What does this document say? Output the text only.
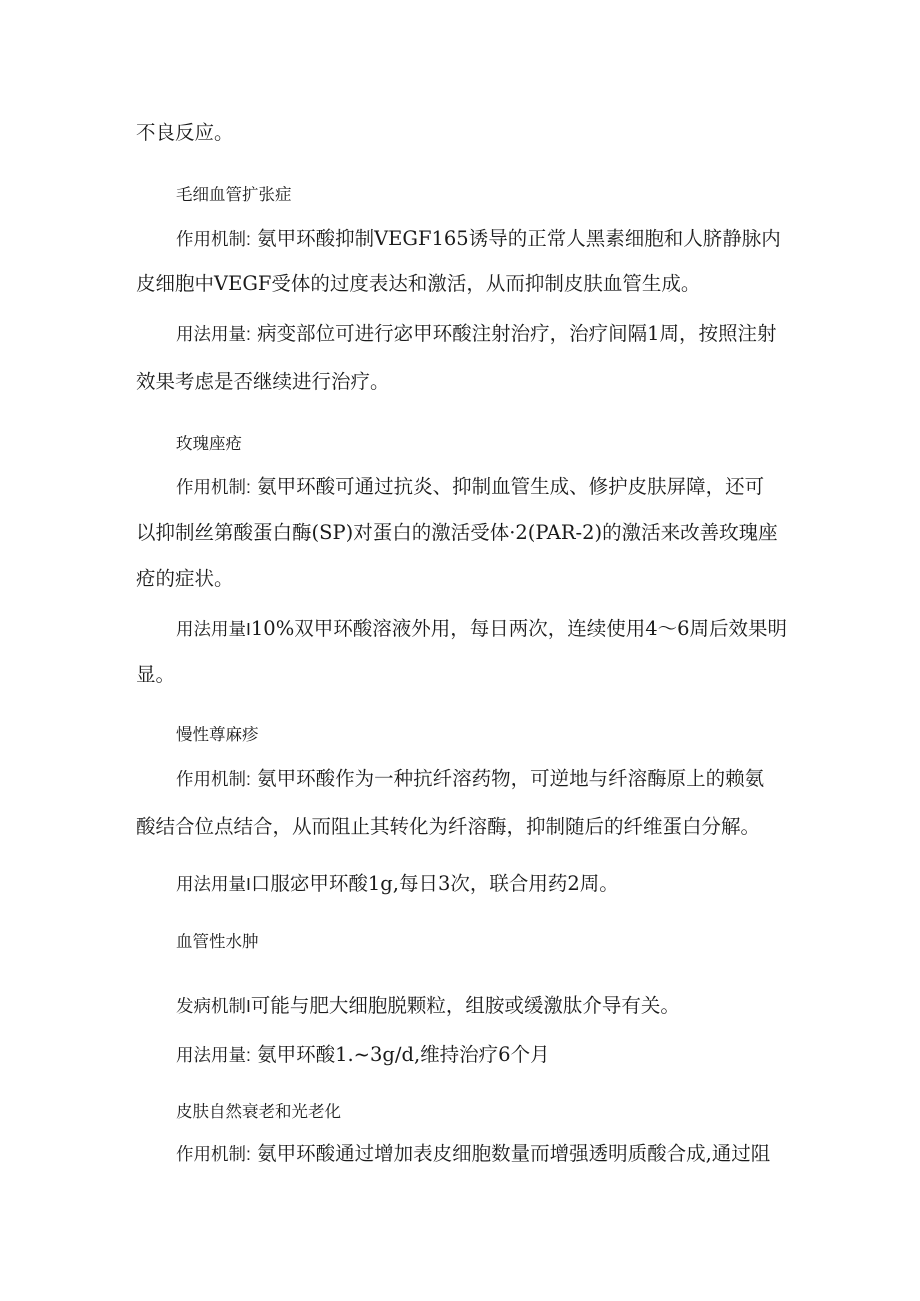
不良反应。
毛细血管扩张症
作用机制: 氨甲环酸抑制VEGF165诱导的正常人黑素细胞和人脐静脉内
皮细胞中VEGF受体的过度表达和激活，从而抑制皮肤血管生成。
用法用量: 病变部位可进行宓甲环酸注射治疗，治疗间隔1周，按照注射
效果考虑是否继续进行治疗。
玫瑰座疮
作用机制: 氨甲环酸可通过抗炎、抑制血管生成、修护皮肤屏障，还可
以抑制丝第酸蛋白酶(SP)对蛋白的激活受体·2(PAR-2)的激活来改善玫瑰座
疮的症状。
用法用量I10%双甲环酸溶液外用，每日两次，连续使用4～6周后效果明
显。
慢性尊麻疹
作用机制: 氨甲环酸作为一种抗纤溶药物，可逆地与纤溶酶原上的赖氨
酸结合位点结合，从而阻止其转化为纤溶酶，抑制随后的纤维蛋白分解。
用法用量I口服宓甲环酸1g,每日3次，联合用药2周。
血管性水肿
发病机制I可能与肥大细胞脱颗粒，组胺或缓激肽介导有关。
用法用量: 氨甲环酸1.~3g∕d,维持治疗6个月
皮肤自然衰老和光老化
作用机制: 氨甲环酸通过增加表皮细胞数量而增强透明质酸合成,通过阻
